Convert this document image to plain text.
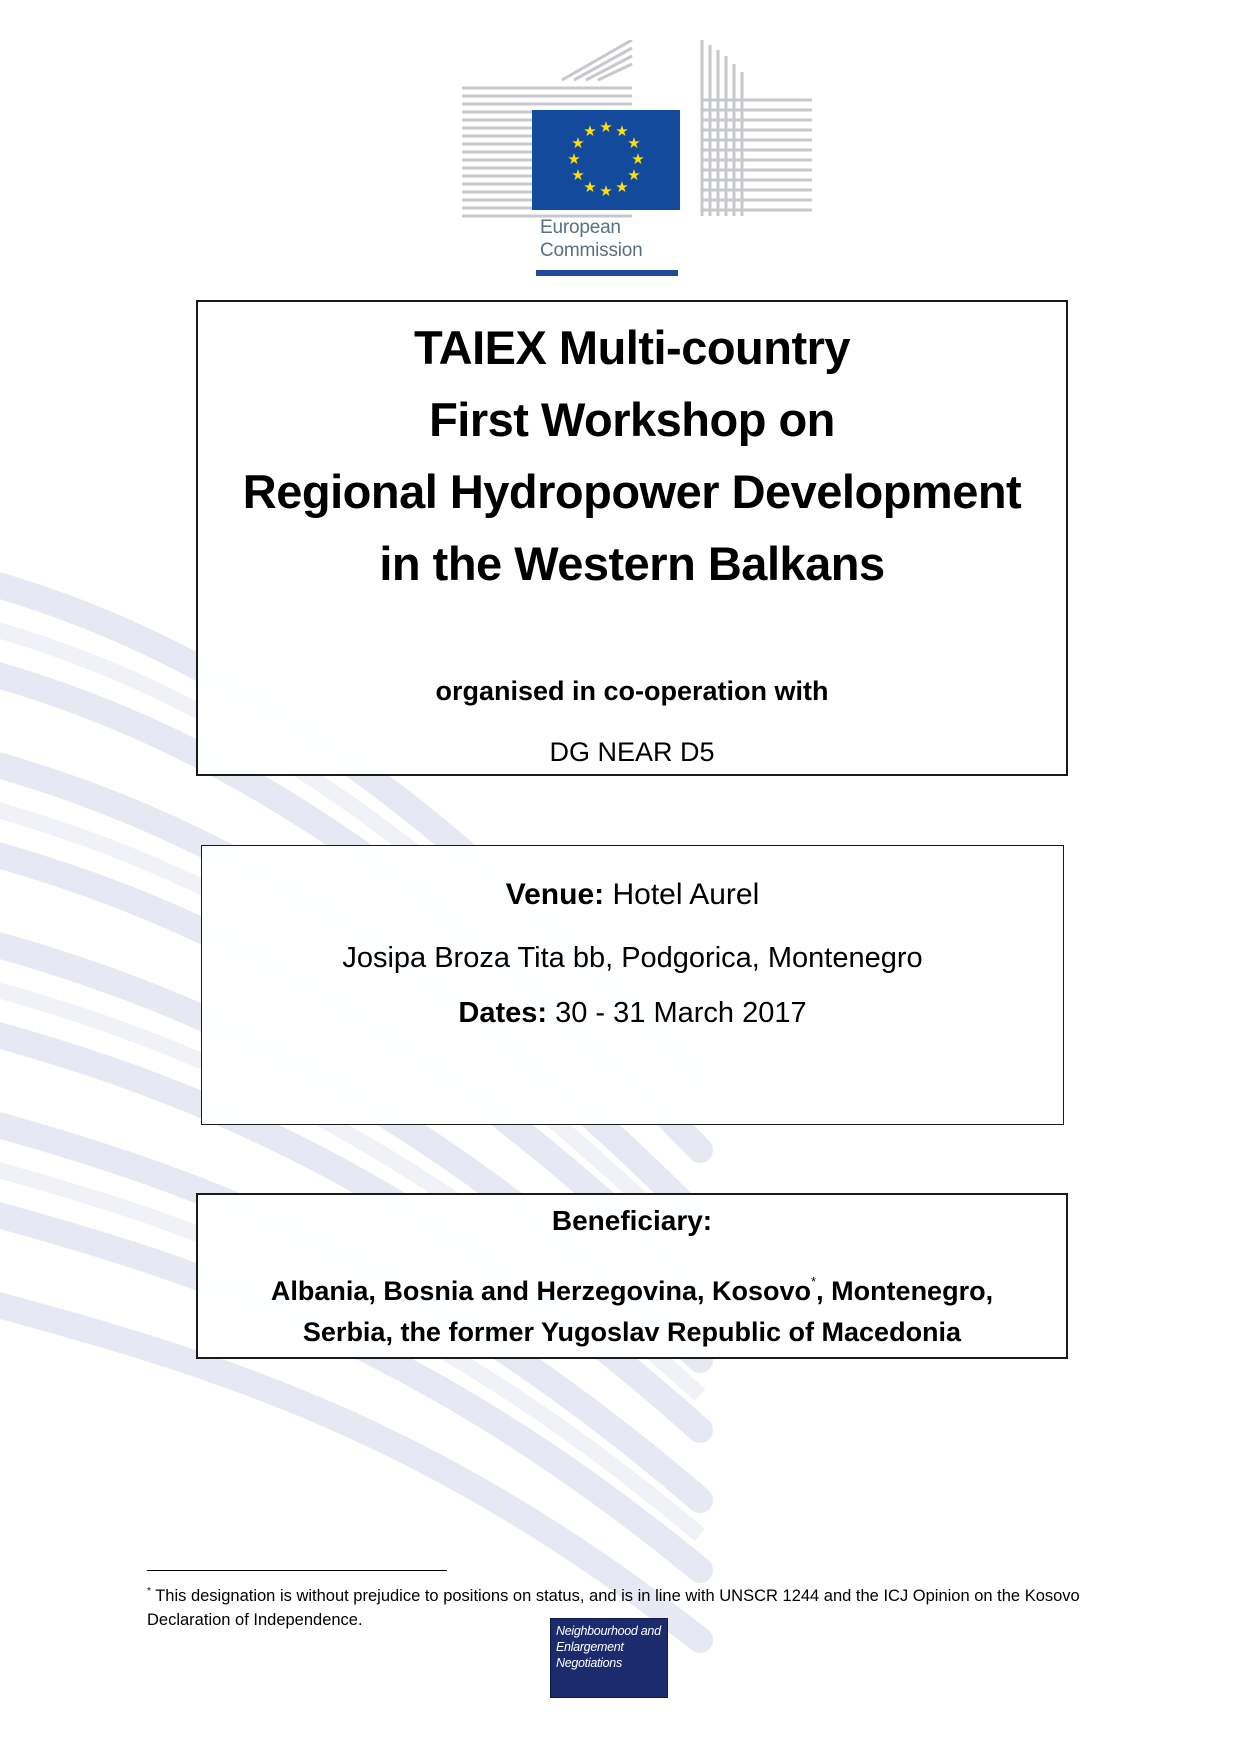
★ ★
★
★
★
★
★
★
★
★
★
★
European
Commission
TAIEX Multi-country
First Workshop on
Regional Hydropower Development
in the Western Balkans
organised in co-operation with
DG NEAR D5
Venue: Hotel Aurel
Josipa Broza Tita bb, Podgorica, Montenegro
Dates: 30 - 31 March 2017
Beneficiary:
Albania, Bosnia and Herzegovina, Kosovo*, Montenegro,
Serbia, the former Yugoslav Republic of Macedonia
* This designation is without prejudice to positions on status, and is in line with UNSCR 1244 and the ICJ Opinion on the Kosovo Declaration of Independence.
Neighbourhood and
Enlargement
Negotiations
